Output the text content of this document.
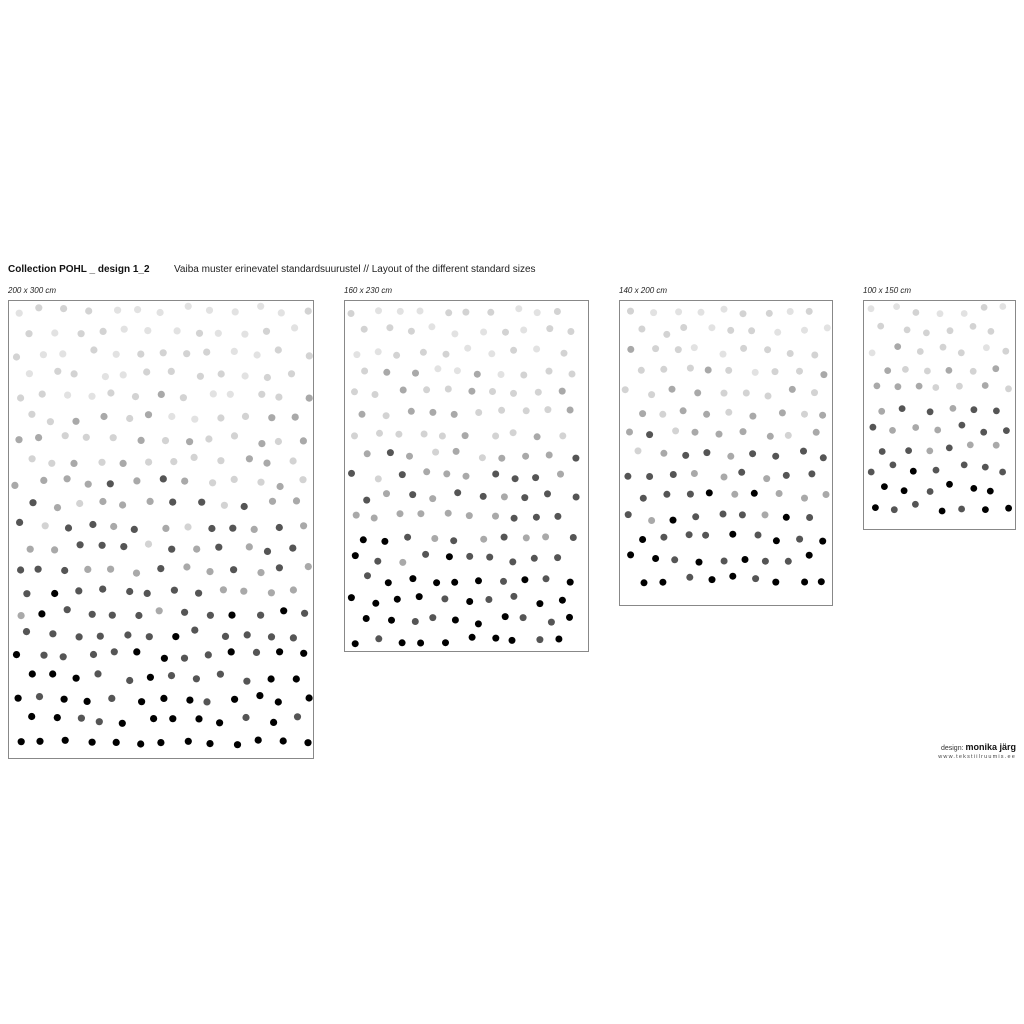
Collection POHL _ design 1_2 Vaiba muster erinevatel standardsuurustel // Layout of the different standard sizes
200 x 300 cm	160 x 230 cm	140 x 200 cm	100 x 150 cm
design: monika järg
www.tekstiilruumis.ee
